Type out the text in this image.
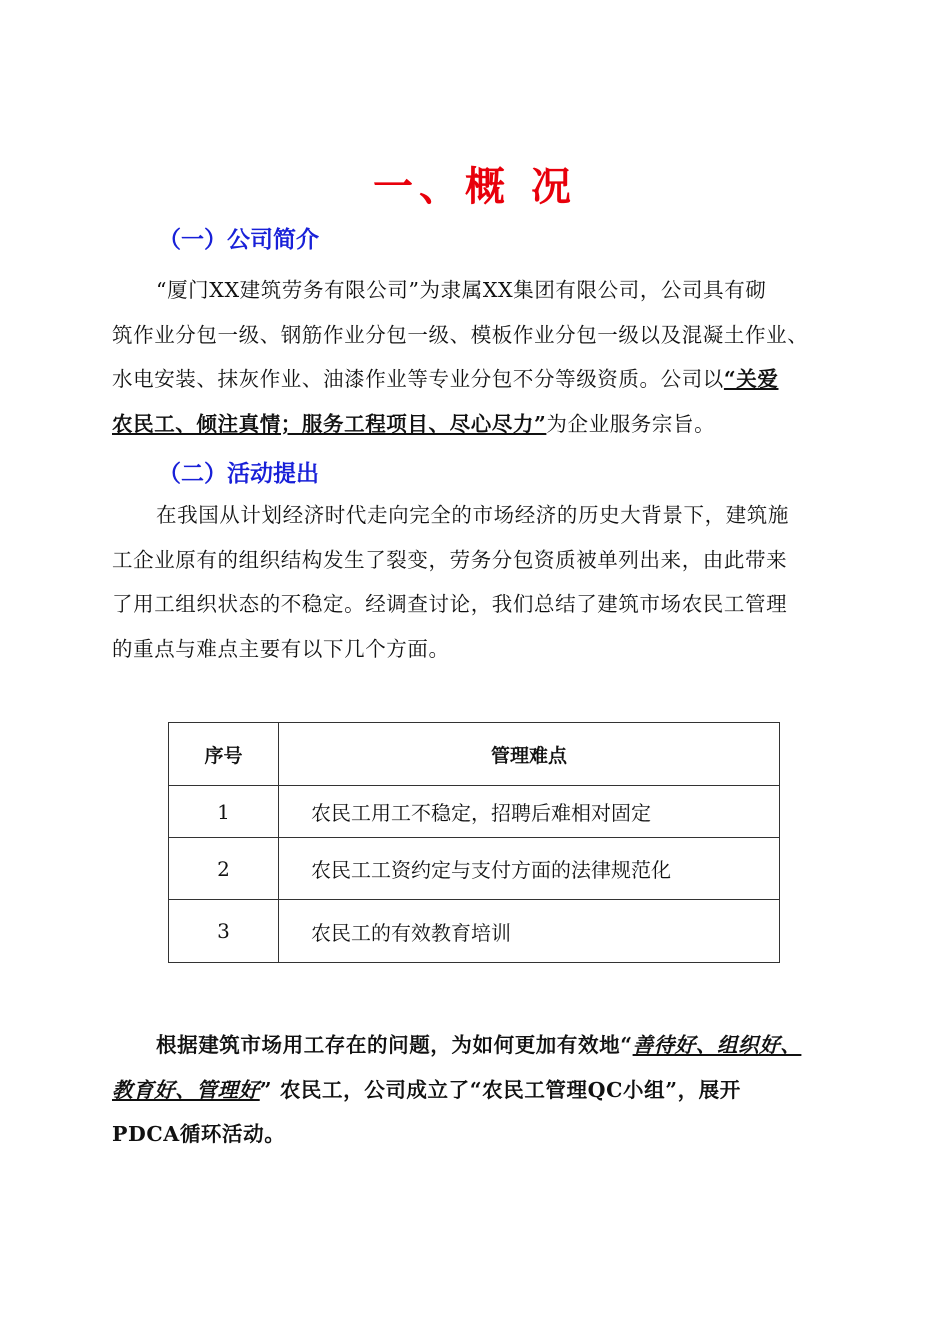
一、概 况
（一）公司简介
“厦门XX建筑劳务有限公司”为隶属XX集团有限公司，公司具有砌
筑作业分包一级、钢筋作业分包一级、模板作业分包一级以及混凝土作业、
水电安装、抹灰作业、油漆作业等专业分包不分等级资质。公司以“关爱
农民工、倾注真情；服务工程项目、尽心尽力”为企业服务宗旨。
（二）活动提出
在我国从计划经济时代走向完全的市场经济的历史大背景下，建筑施
工企业原有的组织结构发生了裂变，劳务分包资质被单列出来，由此带来
了用工组织状态的不稳定。经调查讨论，我们总结了建筑市场农民工管理
的重点与难点主要有以下几个方面。
序号	管理难点
1	农民工用工不稳定，招聘后难相对固定
2	农民工工资约定与支付方面的法律规范化
3	农民工的有效教育培训
根据建筑市场用工存在的问题，为如何更加有效地“善待好、组织好、
教育好、管理好” 农民工，公司成立了“农民工管理QC小组”，展开
PDCA循环活动。
